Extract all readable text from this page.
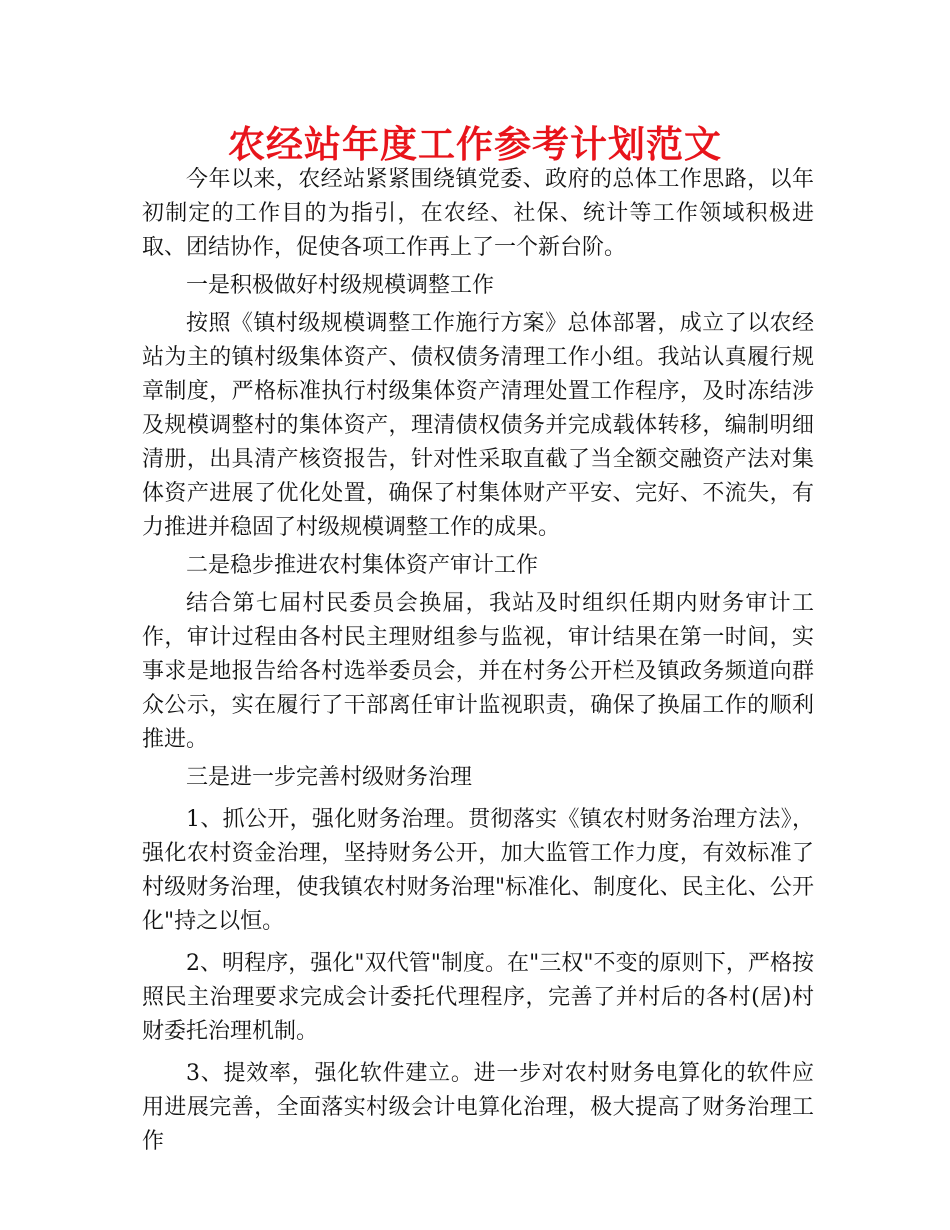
农经站年度工作参考计划范文

今年以来，农经站紧紧围绕镇党委、政府的总体工作思路，以年初制定的工作目的为指引，在农经、社保、统计等工作领域积极进取、团结协作，促使各项工作再上了一个新台阶。

一是积极做好村级规模调整工作

按照《镇村级规模调整工作施行方案》总体部署，成立了以农经站为主的镇村级集体资产、债权债务清理工作小组。我站认真履行规章制度，严格标准执行村级集体资产清理处置工作程序，及时冻结涉及规模调整村的集体资产，理清债权债务并完成载体转移，编制明细清册，出具清产核资报告，针对性采取直截了当全额交融资产法对集体资产进展了优化处置，确保了村集体财产平安、完好、不流失，有力推进并稳固了村级规模调整工作的成果。

二是稳步推进农村集体资产审计工作

结合第七届村民委员会换届，我站及时组织任期内财务审计工作，审计过程由各村民主理财组参与监视，审计结果在第一时间，实事求是地报告给各村选举委员会，并在村务公开栏及镇政务频道向群众公示，实在履行了干部离任审计监视职责，确保了换届工作的顺利推进。

三是进一步完善村级财务治理

1、抓公开，强化财务治理。贯彻落实《镇农村财务治理方法》，强化农村资金治理，坚持财务公开，加大监管工作力度，有效标准了村级财务治理，使我镇农村财务治理"标准化、制度化、民主化、公开化"持之以恒。

2、明程序，强化"双代管"制度。在"三权"不变的原则下，严格按照民主治理要求完成会计委托代理程序，完善了并村后的各村(居)村财委托治理机制。

3、提效率，强化软件建立。进一步对农村财务电算化的软件应用进展完善，全面落实村级会计电算化治理，极大提高了财务治理工作
